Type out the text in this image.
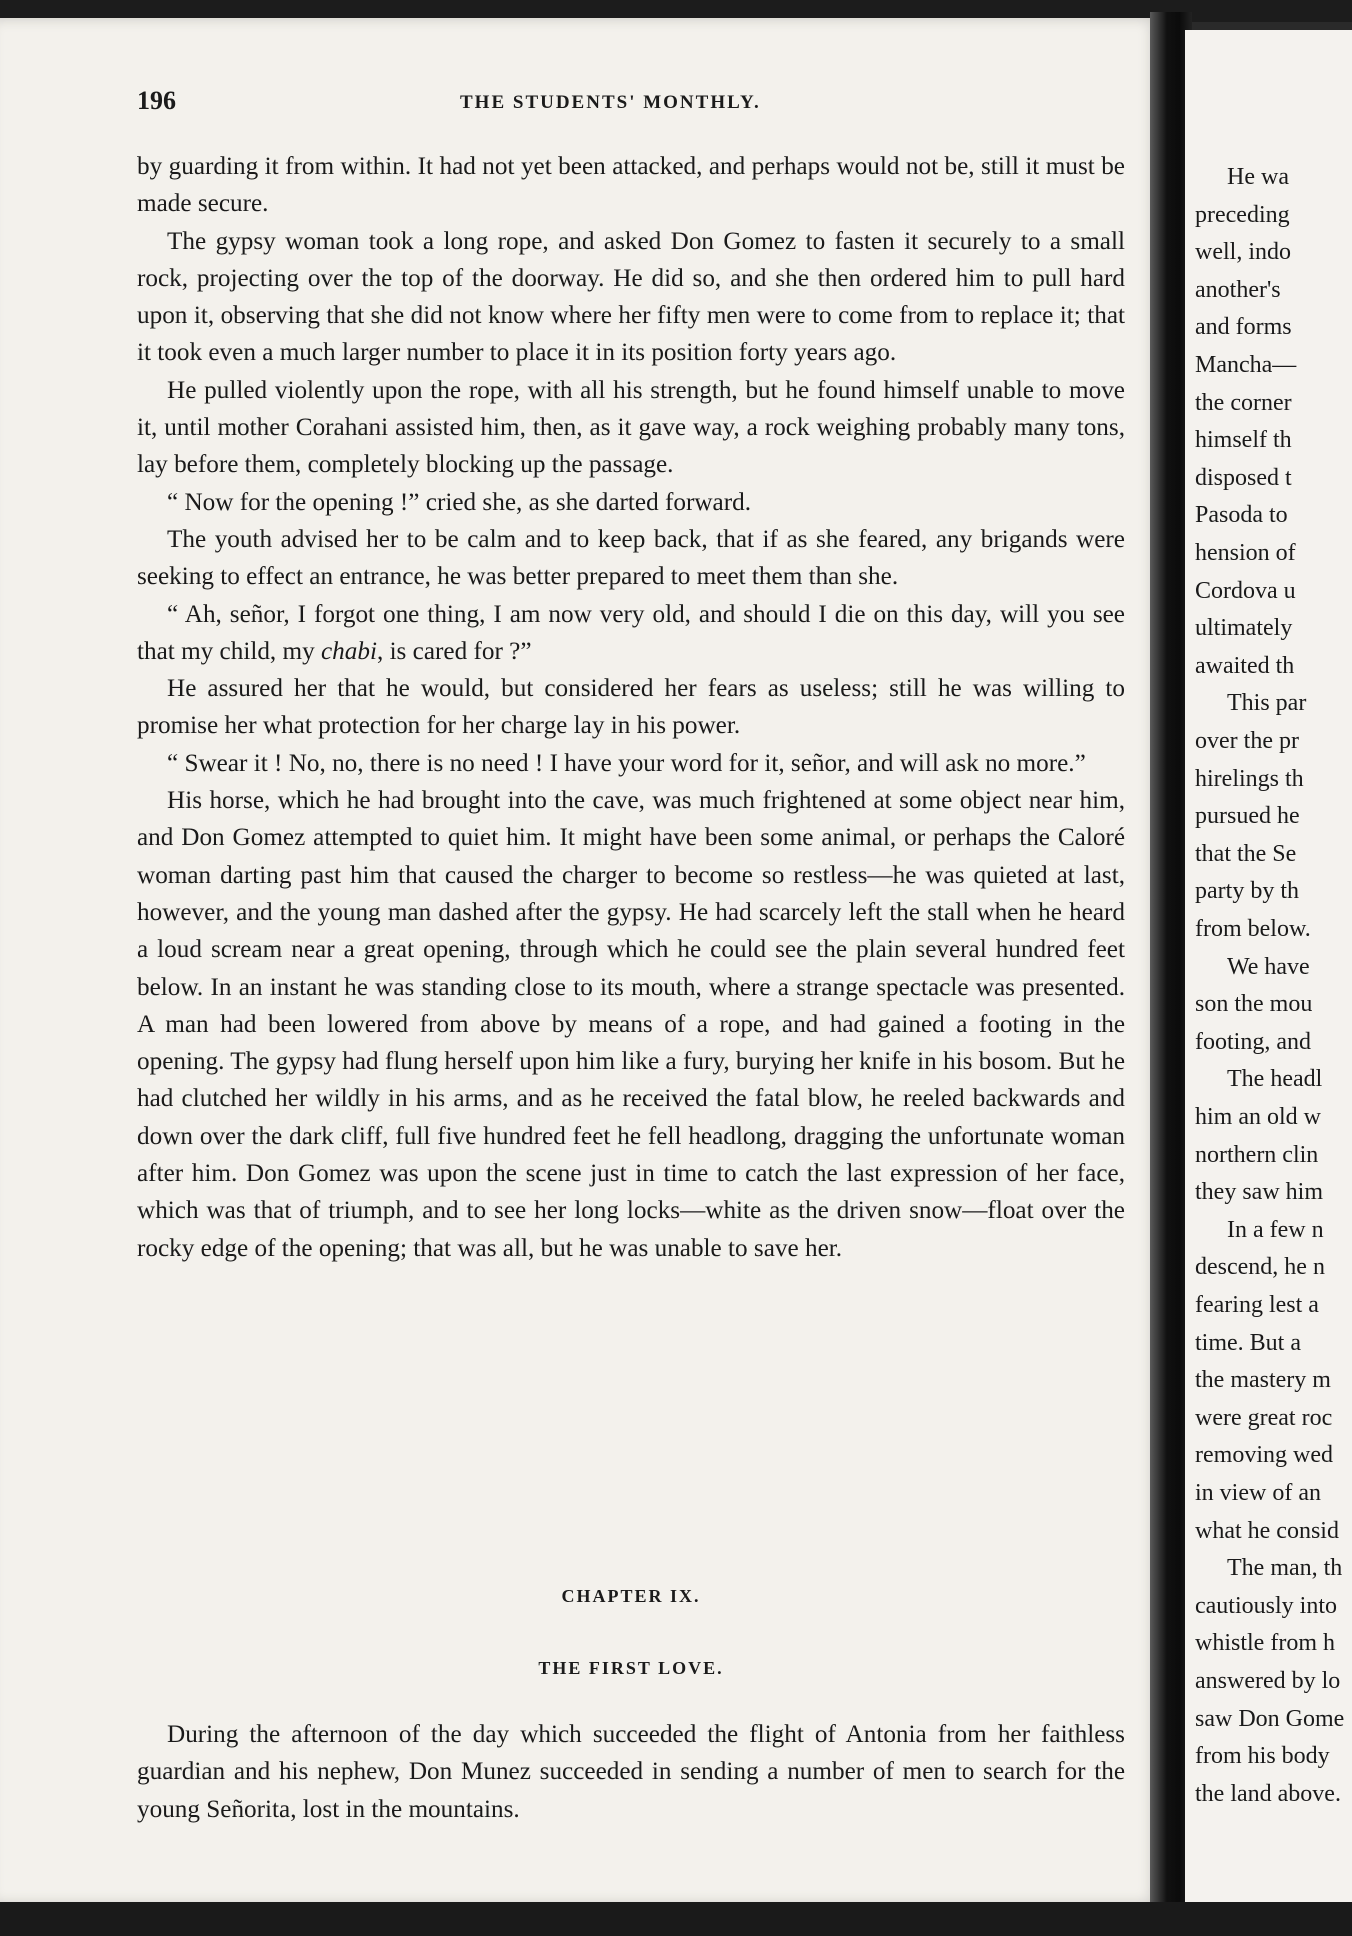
196	THE STUDENTS' MONTHLY.

by guarding it from within. It had not yet been attacked, and perhaps would not be, still it must be made secure.

The gypsy woman took a long rope, and asked Don Gomez to fasten it securely to a small rock, projecting over the top of the doorway. He did so, and she then ordered him to pull hard upon it, observing that she did not know where her fifty men were to come from to replace it; that it took even a much larger number to place it in its position forty years ago.

He pulled violently upon the rope, with all his strength, but he found himself unable to move it, until mother Corahani assisted him, then, as it gave way, a rock weighing probably many tons, lay before them, completely blocking up the passage.

“ Now for the opening !” cried she, as she darted forward.

The youth advised her to be calm and to keep back, that if as she feared, any brigands were seeking to effect an entrance, he was better prepared to meet them than she.

“ Ah, señor, I forgot one thing, I am now very old, and should I die on this day, will you see that my child, my chabi, is cared for ?”

He assured her that he would, but considered her fears as useless; still he was willing to promise her what protection for her charge lay in his power.

“ Swear it ! No, no, there is no need ! I have your word for it, señor, and will ask no more.”

His horse, which he had brought into the cave, was much frightened at some object near him, and Don Gomez attempted to quiet him. It might have been some animal, or perhaps the Caloré woman darting past him that caused the charger to become so restless—he was quieted at last, however, and the young man dashed after the gypsy. He had scarcely left the stall when he heard a loud scream near a great opening, through which he could see the plain several hundred feet below. In an instant he was standing close to its mouth, where a strange spectacle was presented. A man had been lowered from above by means of a rope, and had gained a footing in the opening. The gypsy had flung herself upon him like a fury, burying her knife in his bosom. But he had clutched her wildly in his arms, and as he received the fatal blow, he reeled backwards and down over the dark cliff, full five hundred feet he fell headlong, dragging the unfortunate woman after him. Don Gomez was upon the scene just in time to catch the last expression of her face, which was that of triumph, and to see her long locks—white as the driven snow—float over the rocky edge of the opening; that was all, but he was unable to save her.

CHAPTER IX.
THE FIRST LOVE.

During the afternoon of the day which succeeded the flight of Antonia from her faithless guardian and his nephew, Don Munez succeeded in sending a number of men to search for the young Señorita, lost in the mountains.

He wa
preceding
well, indo
another's
and forms
Mancha—
the corner
himself th
disposed t
Pasoda to
hension of
Cordova u
ultimately
awaited th
This par
over the pr
hirelings th
pursued he
that the Se
party by th
from below.
We have
son the mou
footing, and
The headl
him an old w
northern clin
they saw him
In a few n
descend, he n
fearing lest a
time. But a
the mastery m
were great roc
removing wed
in view of an
what he consid
The man, th
cautiously into
whistle from h
answered by lo
saw Don Gome
from his body
the land above.
